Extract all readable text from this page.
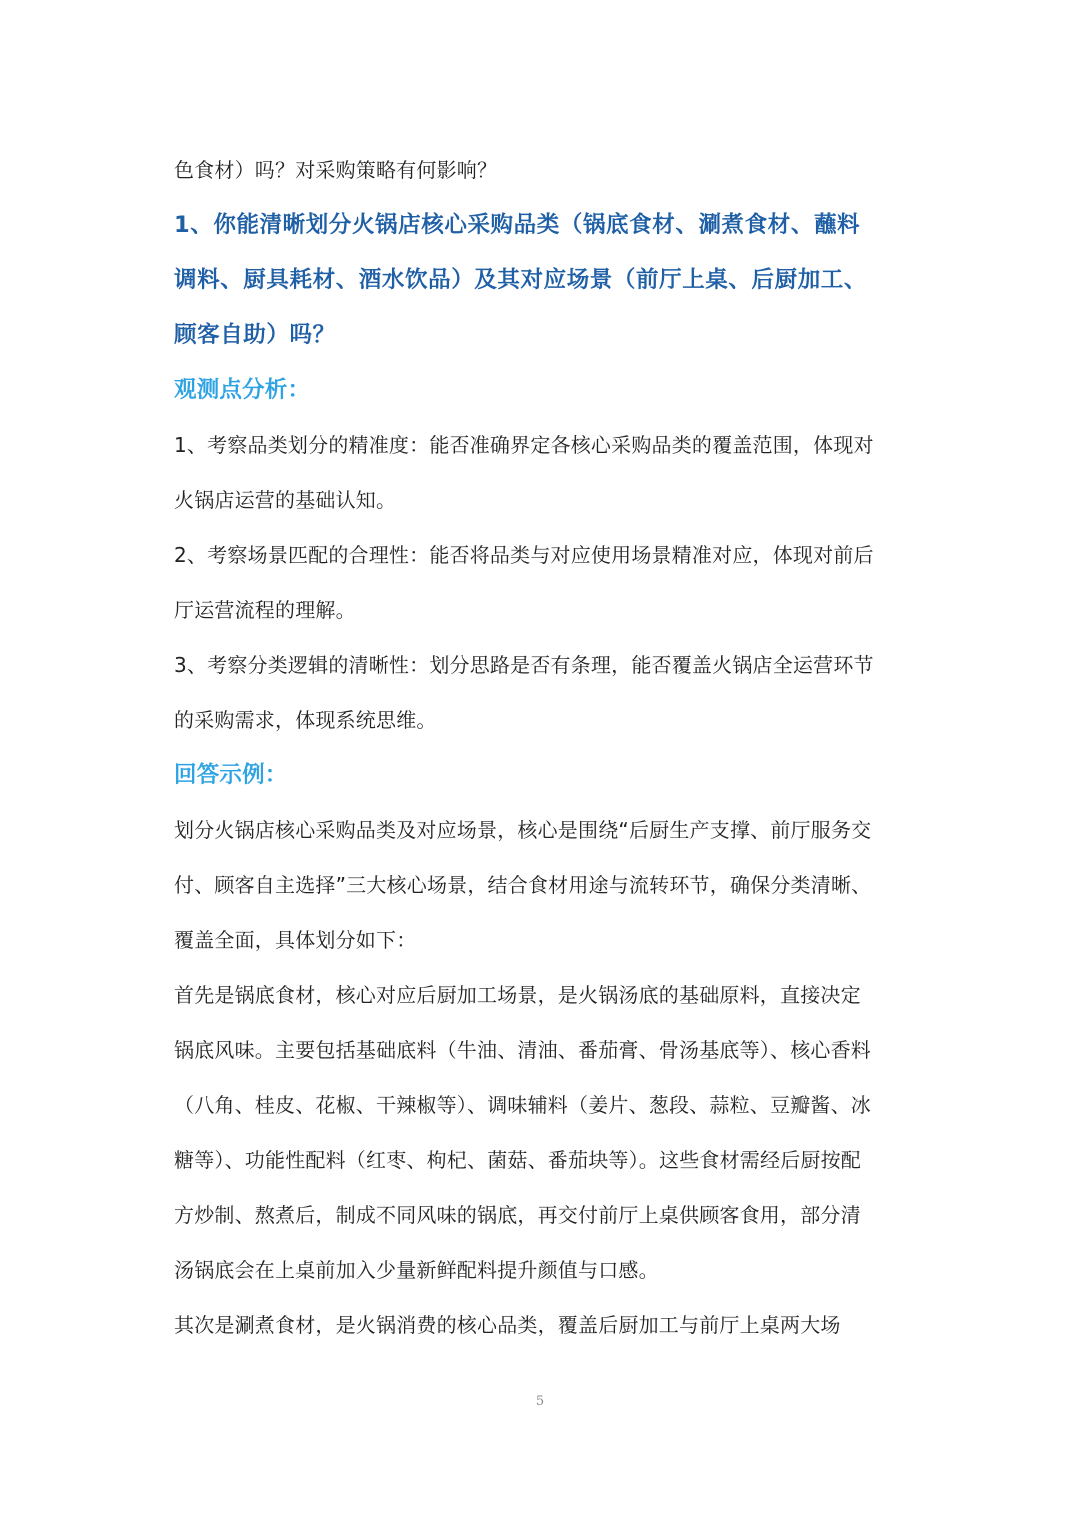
色食材）吗？对采购策略有何影响？
1、你能清晰划分火锅店核心采购品类（锅底食材、涮煮食材、蘸料
调料、厨具耗材、酒水饮品）及其对应场景（前厅上桌、后厨加工、
顾客自助）吗？
观测点分析：
1、考察品类划分的精准度：能否准确界定各核心采购品类的覆盖范围，体现对
火锅店运营的基础认知。
2、考察场景匹配的合理性：能否将品类与对应使用场景精准对应，体现对前后
厅运营流程的理解。
3、考察分类逻辑的清晰性：划分思路是否有条理，能否覆盖火锅店全运营环节
的采购需求，体现系统思维。
回答示例：
划分火锅店核心采购品类及对应场景，核心是围绕“后厨生产支撑、前厅服务交
付、顾客自主选择”三大核心场景，结合食材用途与流转环节，确保分类清晰、
覆盖全面，具体划分如下：
首先是锅底食材，核心对应后厨加工场景，是火锅汤底的基础原料，直接决定
锅底风味。主要包括基础底料（牛油、清油、番茄膏、骨汤基底等）、核心香料
（八角、桂皮、花椒、干辣椒等）、调味辅料（姜片、葱段、蒜粒、豆瓣酱、冰
糖等）、功能性配料（红枣、枸杞、菌菇、番茄块等）。这些食材需经后厨按配
方炒制、熬煮后，制成不同风味的锅底，再交付前厅上桌供顾客食用，部分清
汤锅底会在上桌前加入少量新鲜配料提升颜值与口感。
其次是涮煮食材，是火锅消费的核心品类，覆盖后厨加工与前厅上桌两大场
5
